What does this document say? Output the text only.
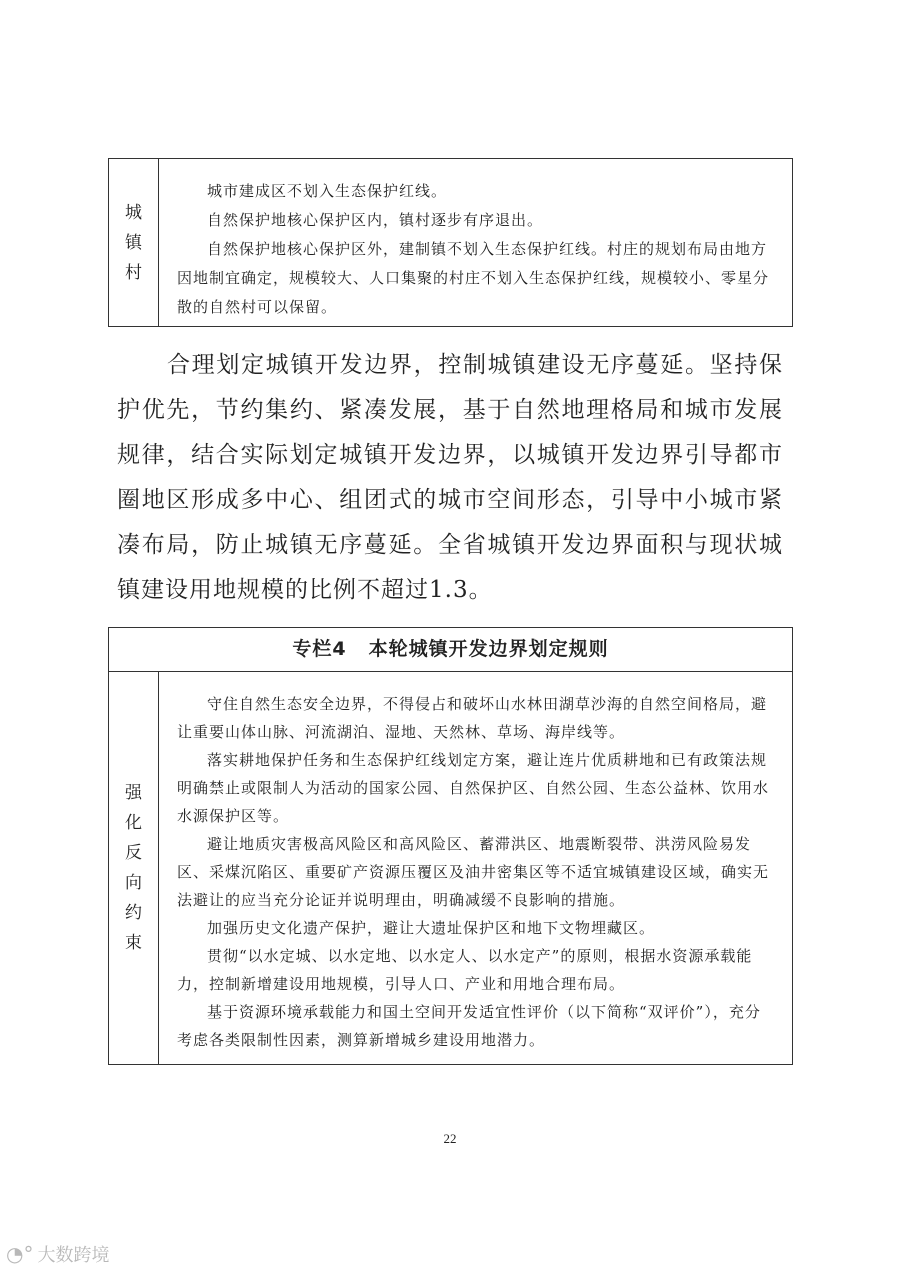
城
镇
村

城市建成区不划入生态保护红线。

自然保护地核心保护区内，镇村逐步有序退出。

自然保护地核心保护区外，建制镇不划入生态保护红线。村庄的规划布局由地方因地制宜确定，规模较大、人口集聚的村庄不划入生态保护红线，规模较小、零星分散的自然村可以保留。

合理划定城镇开发边界，控制城镇建设无序蔓延。坚持保护优先，节约集约、紧凑发展，基于自然地理格局和城市发展规律，结合实际划定城镇开发边界，以城镇开发边界引导都市圈地区形成多中心、组团式的城市空间形态，引导中小城市紧凑布局，防止城镇无序蔓延。全省城镇开发边界面积与现状城镇建设用地规模的比例不超过1.3。

专栏4 本轮城镇开发边界划定规则
强
化
反
向
约
束

守住自然生态安全边界，不得侵占和破坏山水林田湖草沙海的自然空间格局，避让重要山体山脉、河流湖泊、湿地、天然林、草场、海岸线等。

落实耕地保护任务和生态保护红线划定方案，避让连片优质耕地和已有政策法规明确禁止或限制人为活动的国家公园、自然保护区、自然公园、生态公益林、饮用水水源保护区等。

避让地质灾害极高风险区和高风险区、蓄滞洪区、地震断裂带、洪涝风险易发区、采煤沉陷区、重要矿产资源压覆区及油井密集区等不适宜城镇建设区域，确实无法避让的应当充分论证并说明理由，明确减缓不良影响的措施。

加强历史文化遗产保护，避让大遗址保护区和地下文物埋藏区。

贯彻“以水定城、以水定地、以水定人、以水定产”的原则，根据水资源承载能力，控制新增建设用地规模，引导人口、产业和用地合理布局。

基于资源环境承载能力和国土空间开发适宜性评价（以下简称“双评价”），充分考虑各类限制性因素，测算新增城乡建设用地潜力。

22
◔° 大数跨境
